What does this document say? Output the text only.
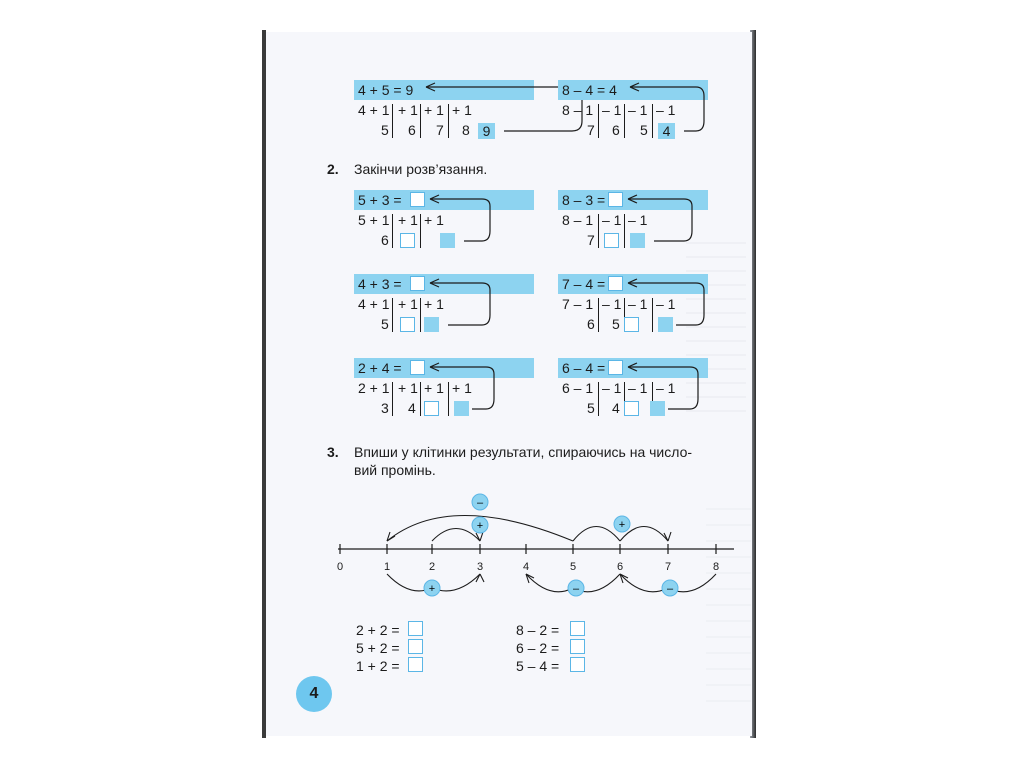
4 + 5 = 9
4 + 1 + 1 + 1 + 1
5 6 7 8 9
8 – 4 = 4
8 – 1 – 1 – 1 – 1
7 6 5	4
2. Закінчи розв’язання.
5 + 3 =
5 + 1 + 1 + 1
6
8 – 3 =
8 – 1 – 1 – 1
7
4 + 3 =
4 + 1 + 1 + 1
5
7 – 4 =
7 – 1 – 1 – 1 – 1
6 5
2 + 4 =
2 + 1 + 1 + 1 + 1
3 4
6 – 4 =
6 – 1 – 1 – 1 – 1
5 4
3. Впиши у клітинки результати, спираючись на число-
вий промінь.
0	1	2	3	4	5	6	7	8
–
+	+
+	–	–
2 + 2 =
5 + 2 =
1 + 2 =
8 – 2 =
6 – 2 =
5 – 4 =
4
